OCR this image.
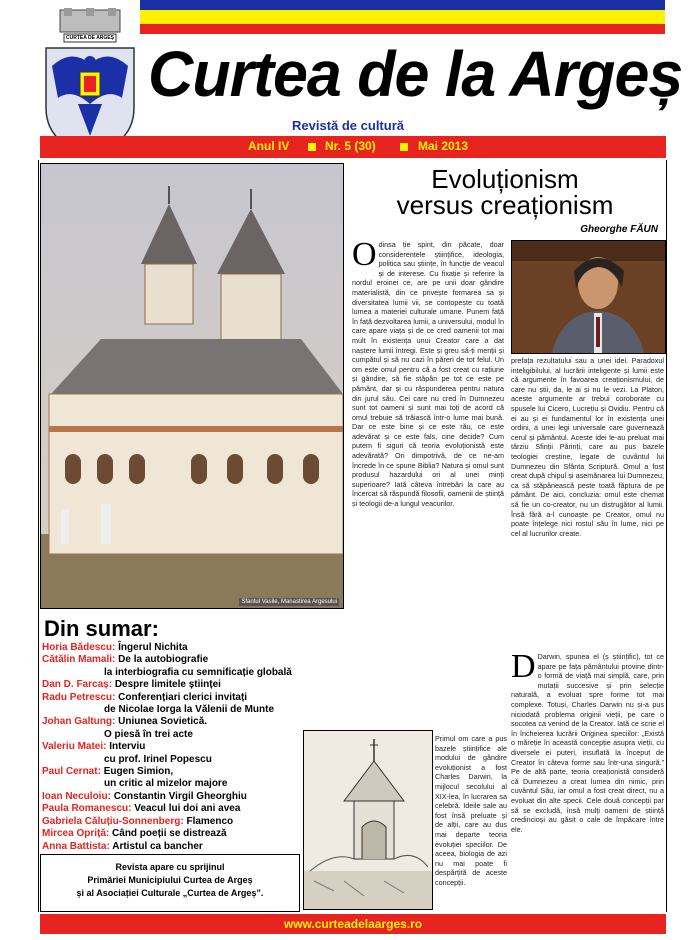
CURTEA DE ARGEȘ Curtea de la Argeș
Revistă de cultură
Anul IV	Nr. 5 (30)	Mai 2013
Sfantul Vasile, Manastirea Argesului
Evoluționism
versus creaționism
Gheorghe FĂUN
O dinsa ție spirit, din păcate, doar considerentele științifice, ideologia, politica sau științe, în funcție de veacul și de interese. Cu fixație și referire la nordul eroinei ce, are pe unii doar gândire materialistă, din ce privește formarea sa și diversitatea lumii vii, se contopește cu toată lumea a materiei culturale umane. Punem față în față dezvoltarea lumii, a universului, modul în care apare viața și de ce cred oamenii tot mai mult în existența unui Creator care a dat naștere lumii întregi. Este și greu să-ți menții și cumpătul și să nu cazi în păreri de tot felul. Un om este omul pentru că a fost creat cu rațiune și gândire, să fie stăpân pe tot ce este pe pământ, dar și cu răspunderea pentru natura din jurul său. Cei care nu cred în Dumnezeu sunt tot oameni și sunt mai toți de acord că omul trebuie să trăiască într-o lume mai bună. Dar ce este bine și ce este rău, ce este adevărat și ce este fals, cine decide? Cum putem fi siguri că teoria evoluționistă este adevărată? Ori dimpotrivă, de ce ne-am încrede în ce spune Biblia? Natura și omul sunt produsul hazardului ori al unei minți superioare? Iată câteva întrebări la care au încercat să răspundă filosofii, oamenii de știință și teologii de-a lungul veacurilor.
prefața rezultatului sau a unei idei. Paradoxul inteligibilului, al lucrării inteligente și lumii este că argumente în favoarea creaționismului, de care nu știi, da, le ai și nu le vezi. La Platon, aceste argumente ar trebui coroborate cu spusele lui Cicero, Lucrețiu și Ovidiu. Pentru că ei au și ei fundamentul lor în existența unei ordini, a unei legi universale care guvernează cerul și pământul. Aceste idei le-au preluat mai târziu Sfinții Părinți, care au pus bazele teologiei creștine, legate de cuvântul lui Dumnezeu din Sfânta Scriptură. Omul a fost creat după chipul și asemănarea lui Dumnezeu, ca să stăpânească peste toată făptura de pe pământ. De aici, concluzia: omul este chemat să fie un co-creator, nu un distrugător al lumii. Însă fără a-l cunoaște pe Creator, omul nu poate înțelege nici rostul său în lume, nici pe cel al lucrurilor create.
D Darwin, spunea el (ș științific), tot ce apare pe fața pământului provine dintr-o formă de viață mai simplă, care, prin mutații succesive și prin selecție naturală, a evoluat spre forme tot mai complexe. Totuși, Charles Darwin nu și-a pus niciodată problema originii vieții, pe care o socotea ca venind de la Creator. Iată ce scrie el în încheierea lucrării Originea speciilor: „Există o măreție în această concepție asupra vieții, cu diversele ei puteri, insuflată la început de Creator în câteva forme sau într-una singură.” Pe de altă parte, teoria creaționistă consideră că Dumnezeu a creat lumea din nimic, prin cuvântul Său, iar omul a fost creat direct, nu a evoluat din alte specii. Cele două concepții par să se excludă, însă mulți oameni de știință credincioși au găsit o cale de împăcare între ele.
Primul om care a pus bazele științifice ale modului de gândire evoluționist a fost Charles Darwin, la mijlocul secolului al XIX-lea, în lucrarea sa celebră. Ideile sale au fost însă preluate și de alții, care au dus mai departe teoria evoluției speciilor. De aceea, biologia de azi nu mai poate fi despărțită de aceste concepții.
Din sumar:
Horia Bădescu: Îngerul Nichita
Cătălin Mamali: De la autobiografie
la interbiografia cu semnificație globală
Dan D. Farcaș: Despre limitele științei
Radu Petrescu: Conferențiari clerici invitați
de Nicolae Iorga la Vălenii de Munte
Johan Galtung: Uniunea Sovietică.
O piesă în trei acte
Valeriu Matei: Interviu
cu prof. Irinel Popescu
Paul Cernat: Eugen Simion,
un critic al mizelor majore
Ioan Neculoiu: Constantin Virgil Gheorghiu
Paula Romanescu: Veacul lui doi ani avea
Gabriela Căluțiu-Sonnenberg: Flamenco
Mircea Opriță: Când poeții se distrează
Anna Battista: Artistul ca bancher
Revista apare cu sprijinul
Primăriei Municipiului Curtea de Argeș
și al Asociației Culturale „Curtea de Argeș”.
www.curteadelaarges.ro
